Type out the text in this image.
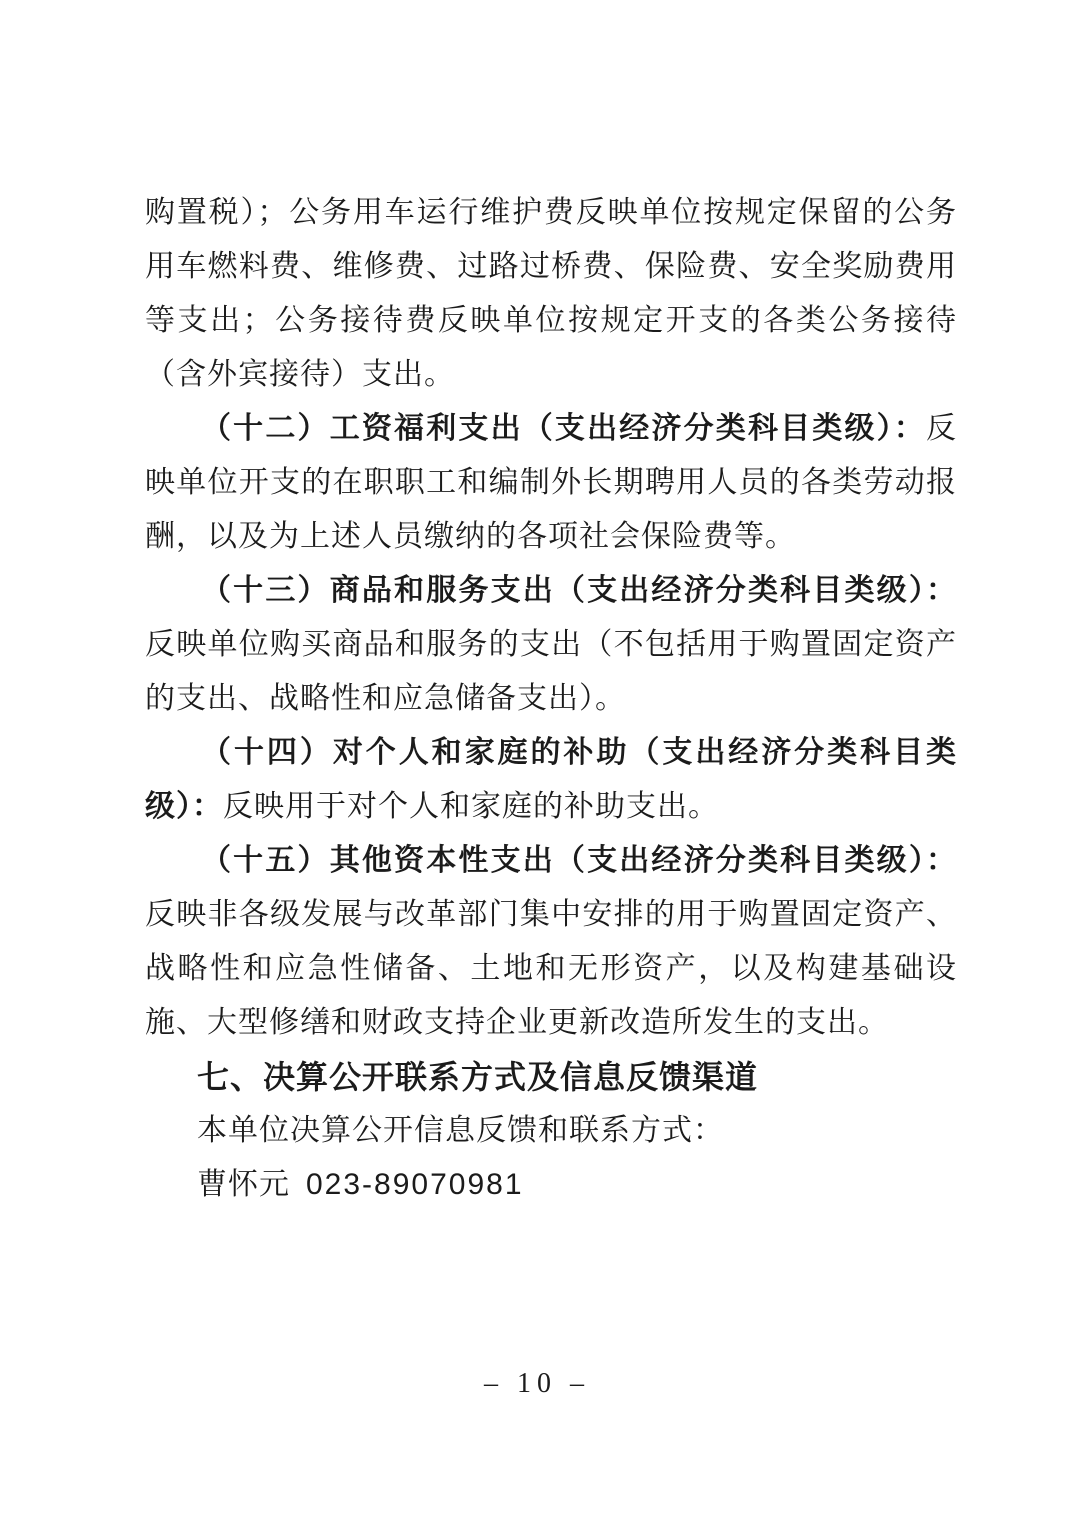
购置税）；公务用车运行维护费反映单位按规定保留的公务用车燃料费、维修费、过路过桥费、保险费、安全奖励费用等支出；公务接待费反映单位按规定开支的各类公务接待（含外宾接待）支出。

（十二）工资福利支出（支出经济分类科目类级）：反映单位开支的在职职工和编制外长期聘用人员的各类劳动报酬，以及为上述人员缴纳的各项社会保险费等。

（十三）商品和服务支出（支出经济分类科目类级）：反映单位购买商品和服务的支出（不包括用于购置固定资产的支出、战略性和应急储备支出）。

（十四）对个人和家庭的补助（支出经济分类科目类级）：反映用于对个人和家庭的补助支出。

（十五）其他资本性支出（支出经济分类科目类级）：反映非各级发展与改革部门集中安排的用于购置固定资产、战略性和应急性储备、土地和无形资产，以及构建基础设施、大型修缮和财政支持企业更新改造所发生的支出。

七、决算公开联系方式及信息反馈渠道

本单位决算公开信息反馈和联系方式：

曹怀元 023-89070981

– 10 –
